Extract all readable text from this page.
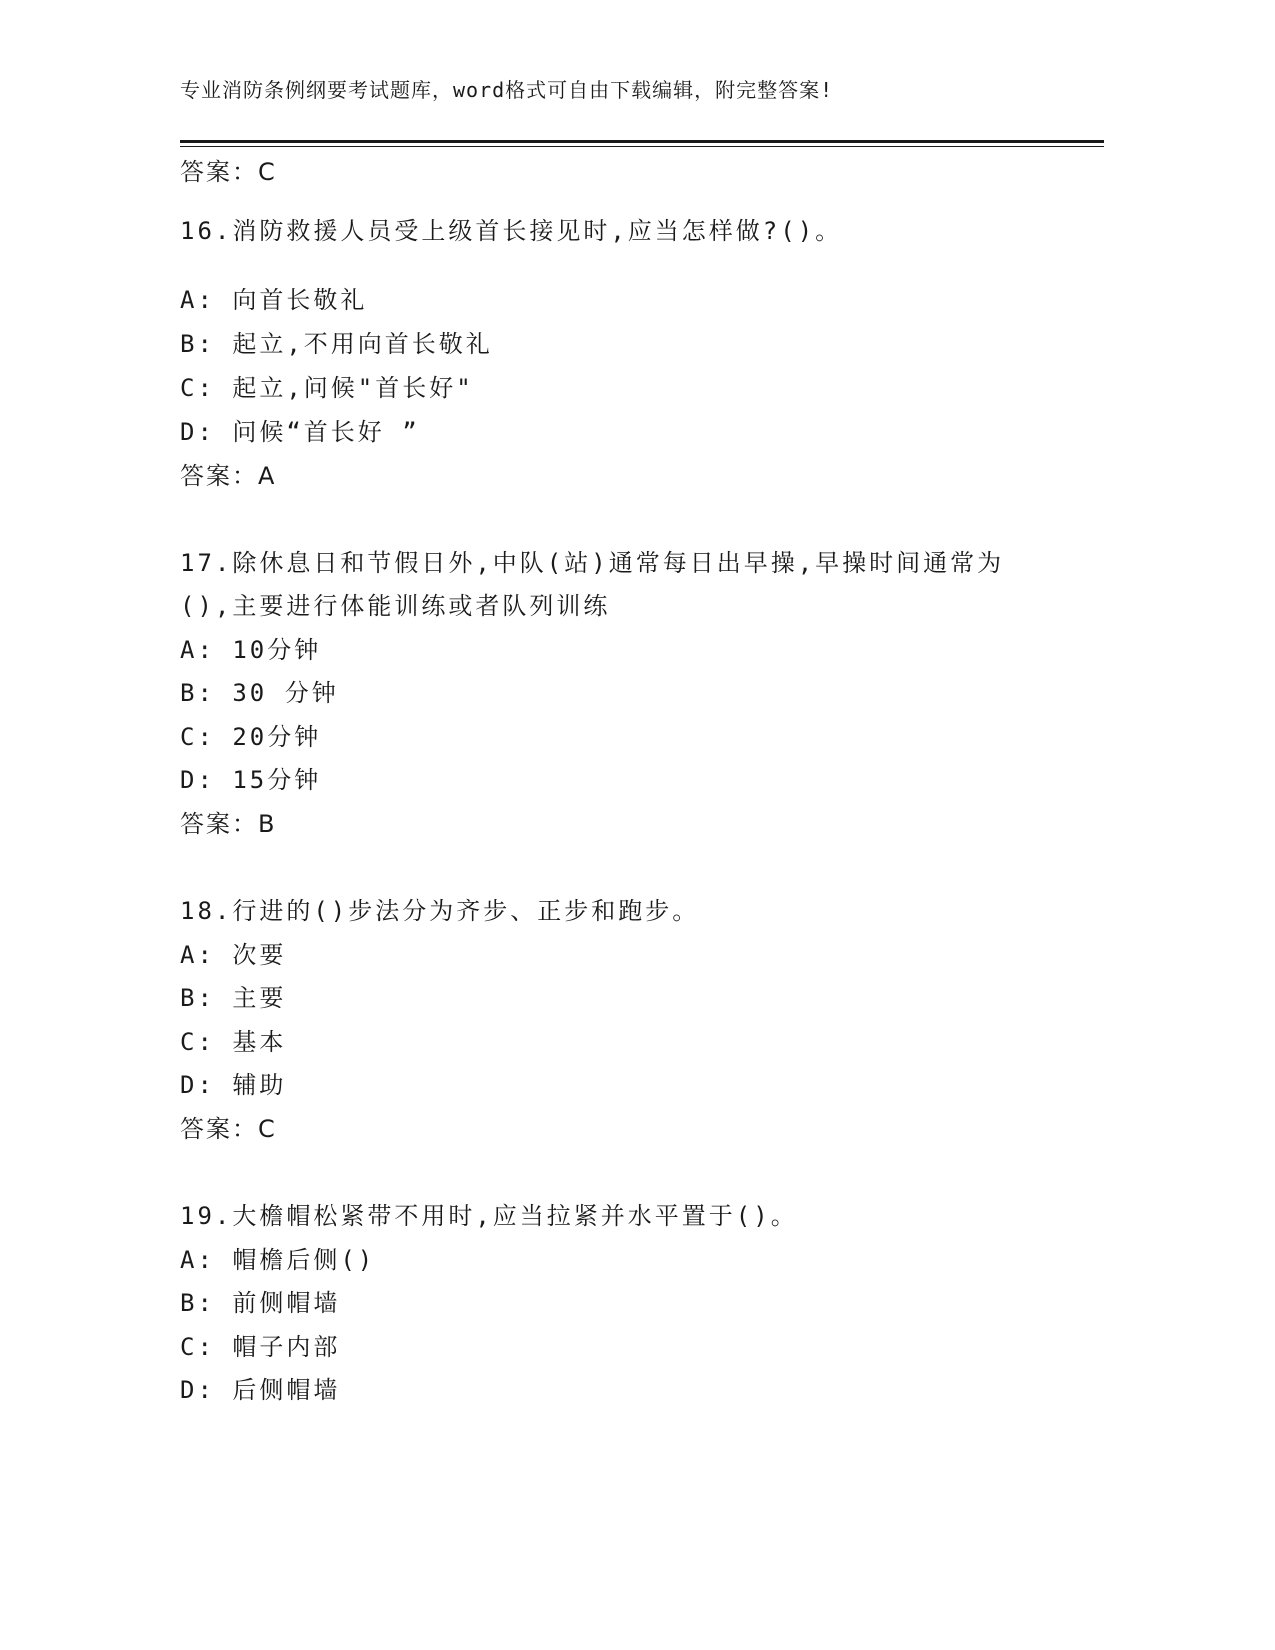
专业消防条例纲要考试题库，word格式可自由下载编辑，附完整答案!
答案：C
16.消防救援人员受上级首长接见时,应当怎样做?()。
A: 向首长敬礼
B: 起立,不用向首长敬礼
C: 起立,问候"首长好"
D: 问候“首长好 ”
答案：A
17.除休息日和节假日外,中队(站)通常每日出早操,早操时间通常为
(),主要进行体能训练或者队列训练
A: 10分钟
B: 30 分钟
C: 20分钟
D: 15分钟
答案：B
18.行进的()步法分为齐步、正步和跑步。
A: 次要
B: 主要
C: 基本
D: 辅助
答案：C
19.大檐帽松紧带不用时,应当拉紧并水平置于()。
A: 帽檐后侧()
B: 前侧帽墙
C: 帽子内部
D: 后侧帽墙
